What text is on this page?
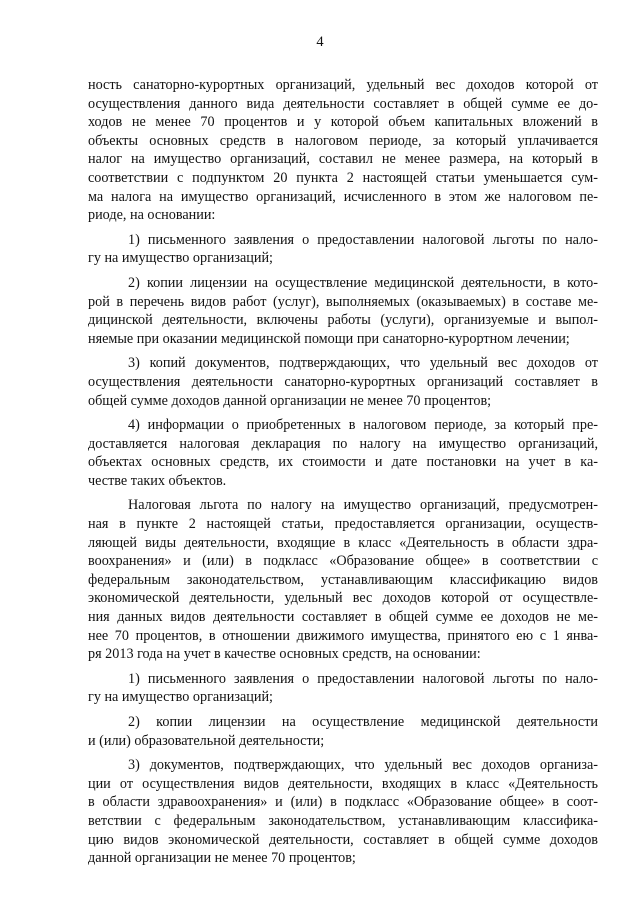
4
ность санаторно-курортных организаций, удельный вес доходов которой от
осуществления данного вида деятельности составляет в общей сумме ее до-
ходов не менее 70 процентов и у которой объем капитальных вложений в
объекты основных средств в налоговом периоде, за который уплачивается
налог на имущество организаций, составил не менее размера, на который в
соответствии с подпунктом 20 пункта 2 настоящей статьи уменьшается сум-
ма налога на имущество организаций, исчисленного в этом же налоговом пе-
риоде, на основании:
1) письменного заявления о предоставлении налоговой льготы по нало-
гу на имущество организаций;
2) копии лицензии на осуществление медицинской деятельности, в кото-
рой в перечень видов работ (услуг), выполняемых (оказываемых) в составе ме-
дицинской деятельности, включены работы (услуги), организуемые и выпол-
няемые при оказании медицинской помощи при санаторно-курортном лечении;
3) копий документов, подтверждающих, что удельный вес доходов от
осуществления деятельности санаторно-курортных организаций составляет в
общей сумме доходов данной организации не менее 70 процентов;
4) информации о приобретенных в налоговом периоде, за который пре-
доставляется налоговая декларация по налогу на имущество организаций,
объектах основных средств, их стоимости и дате постановки на учет в ка-
честве таких объектов.
Налоговая льгота по налогу на имущество организаций, предусмотрен-
ная в пункте 2 настоящей статьи, предоставляется организации, осуществ-
ляющей виды деятельности, входящие в класс «Деятельность в области здра-
воохранения» и (или) в подкласс «Образование общее» в соответствии с
федеральным законодательством, устанавливающим классификацию видов
экономической деятельности, удельный вес доходов которой от осуществле-
ния данных видов деятельности составляет в общей сумме ее доходов не ме-
нее 70 процентов, в отношении движимого имущества, принятого ею с 1 янва-
ря 2013 года на учет в качестве основных средств, на основании:
1) письменного заявления о предоставлении налоговой льготы по нало-
гу на имущество организаций;
2) копии лицензии на осуществление медицинской деятельности
и (или) образовательной деятельности;
3) документов, подтверждающих, что удельный вес доходов организа-
ции от осуществления видов деятельности, входящих в класс «Деятельность
в области здравоохранения» и (или) в подкласс «Образование общее» в соот-
ветствии с федеральным законодательством, устанавливающим классифика-
цию видов экономической деятельности, составляет в общей сумме доходов
данной организации не менее 70 процентов;
